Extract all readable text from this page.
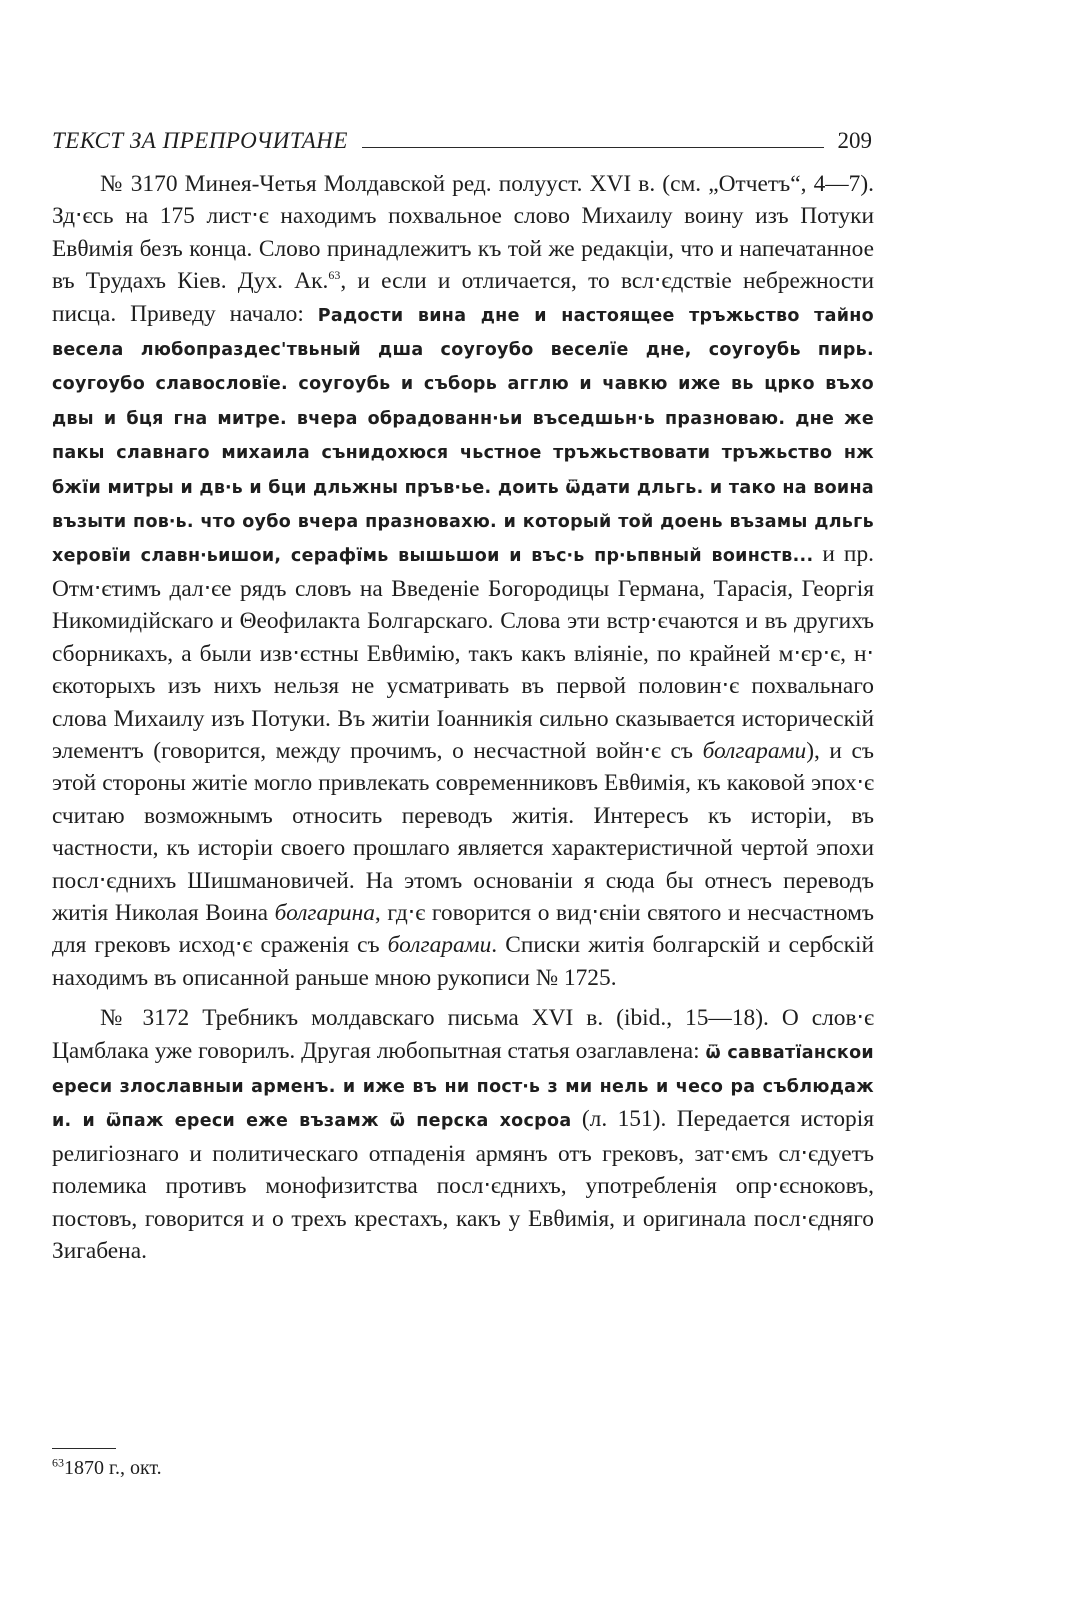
ТЕКСТ ЗА ПРЕПРОЧИТАНЕ	209

№ 3170 Минея-Четья Молдавской ред. полууст. XVI в. (см. „Отчетъ“, 4—7). Зд‧єсь на 175 лист‧є находимъ похвальное слово Михаилу воину изъ Потуки Евθимія безъ конца. Слово принадлежитъ къ той же редакціи, что и напечатанное въ Трудахъ Кіев. Дух. Ак.$^{63}$, и если и отличается, то всл‧єдствіе небрежности писца. Приведу начало: Радости вина дне и настоящее тръжьство тайно весела любопраздес'твьный дша соугоубо веселїе дне, соугоубь пирь. соугоубо славословїе. соугоубь и съборь агглю и чавкю иже вь црко въхо двы и бця гна митре. вчера обрадованн‧ьи въседшьн‧ь празноваю. дне же пакы славнаго михаила сънидохюся чьстное тръжьствовати тръжьство нж бжїи митры и дв‧ь и бци дльжны пръв‧ье. доить ѿдати дльгь. и тако на воина възыти пов‧ь. что оубо вчера празновахю. и который той доень възамы дльгь херовїи славн‧ьишои, серафїмь вышьшои и въс‧ь пр‧ьпвный воинств... и пр. Отм‧єтимъ дал‧єе рядъ словъ на Введеніе Богородицы Германа, Тарасія, Георгія Никомидійскаго и Θеофилакта Болгарскаго. Слова эти встр‧єчаются и въ другихъ сборникахъ, а были изв‧єстны Евθимію, такъ какъ вліяніе, по крайней м‧єр‧є, н‧єкоторыхъ изъ нихъ нельзя не усматривать въ первой половин‧є похвальнаго слова Михаилу изъ Потуки. Въ житіи Іоанникія сильно сказывается историческій элементъ (говорится, между прочимъ, о несчастной войн‧є съ болгарами), и съ этой стороны житіе могло привлекать современниковъ Евθимія, къ каковой эпох‧є считаю возможнымъ относить переводъ житія. Интересъ къ исторіи, въ частности, къ исторіи своего прошлаго является характеристичной чертой эпохи посл‧єднихъ Шишмановичей. На этомъ основаніи я сюда бы отнесъ переводъ житія Николая Воина болгарина, гд‧є говорится о вид‧єніи святого и несчастномъ для грековъ исход‧є сраженія съ болгарами. Списки житія болгарскій и сербскій находимъ въ описанной раньше мною рукописи № 1725.

№ 3172 Требникъ молдавскаго письма XVI в. (ibid., 15—18). О слов‧є Цамблака уже говорилъ. Другая любопытная статья озаглавлена: ѿ савватїанскои ереси злославныи арменъ. и иже въ ни пост‧ь з ми нель и чесо ра съблюдаж и. и ѿпаж ереси еже възамж ѿ перска хосроа (л. 151). Передается исторія религіознаго и политическаго отпаденія армянъ отъ грековъ, зат‧ємъ сл‧єдуетъ полемика противъ монофизитства посл‧єднихъ, употребленія опр‧єсноковъ, постовъ, говорится и о трехъ крестахъ, какъ у Евθимія, и оригинала посл‧єдняго Зигабена.

$^{63}$1870 г., окт.
